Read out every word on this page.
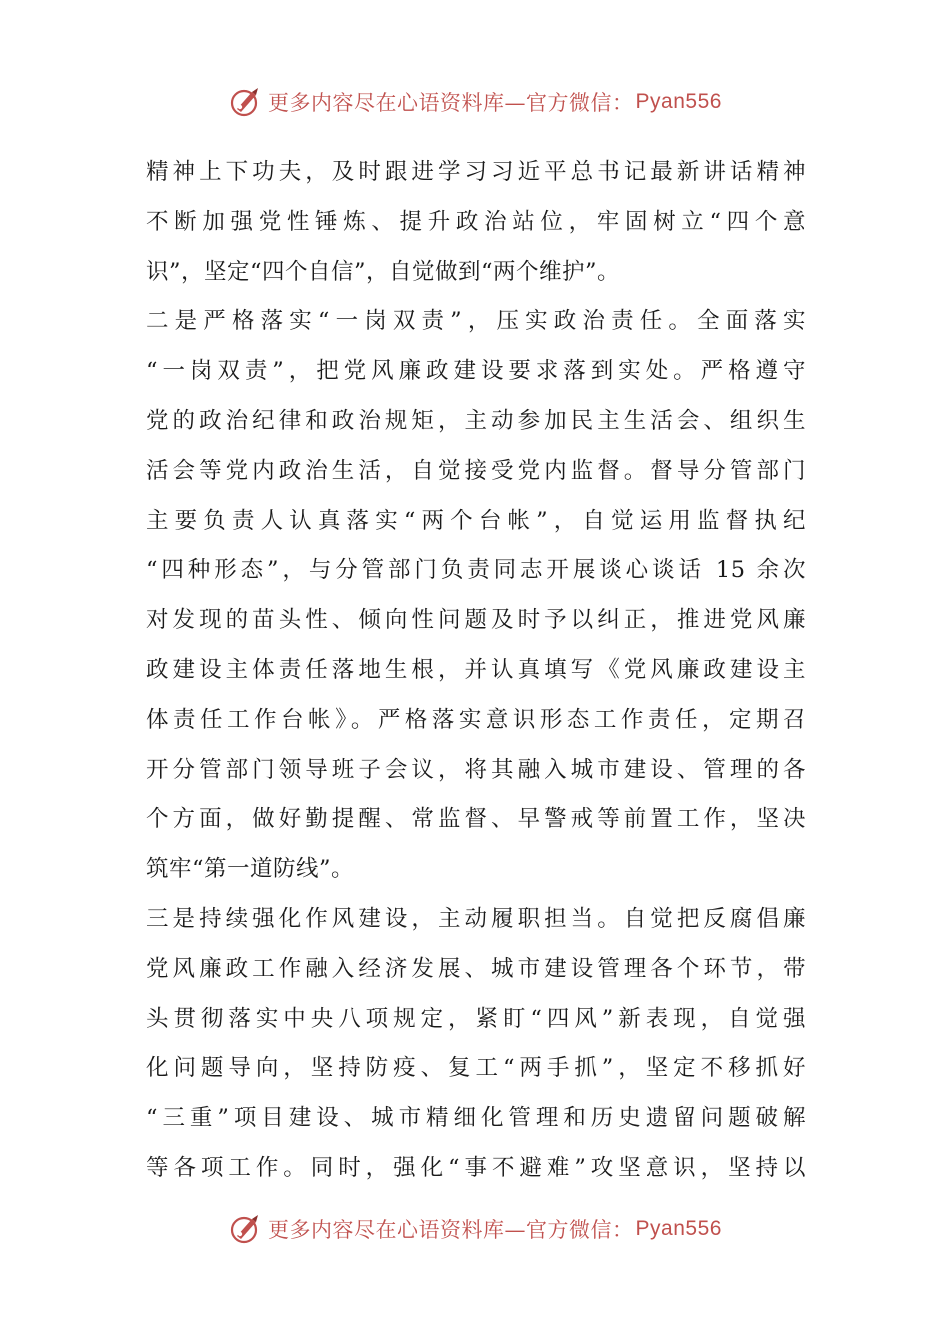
更多内容尽在心语资料库—官方微信： Pyan556
精神上下功夫，及时跟进学习习近平总书记最新讲话精神
不断加强党性锤炼、提升政治站位，牢固树立“四个意
识”，坚定“四个自信”，自觉做到“两个维护”。
二是严格落实“一岗双责”，压实政治责任。全面落实
“一岗双责”，把党风廉政建设要求落到实处。严格遵守
党的政治纪律和政治规矩，主动参加民主生活会、组织生
活会等党内政治生活，自觉接受党内监督。督导分管部门
主要负责人认真落实“两个台帐”，自觉运用监督执纪
“四种形态”，与分管部门负责同志开展谈心谈话 15 余次
对发现的苗头性、倾向性问题及时予以纠正，推进党风廉
政建设主体责任落地生根，并认真填写《党风廉政建设主
体责任工作台帐》。严格落实意识形态工作责任，定期召
开分管部门领导班子会议，将其融入城市建设、管理的各
个方面，做好勤提醒、常监督、早警戒等前置工作，坚决
筑牢“第一道防线”。
三是持续强化作风建设，主动履职担当。自觉把反腐倡廉
党风廉政工作融入经济发展、城市建设管理各个环节，带
头贯彻落实中央八项规定，紧盯“四风”新表现，自觉强
化问题导向，坚持防疫、复工“两手抓”，坚定不移抓好
“三重”项目建设、城市精细化管理和历史遗留问题破解
等各项工作。同时，强化“事不避难”攻坚意识，坚持以
更多内容尽在心语资料库—官方微信： Pyan556
